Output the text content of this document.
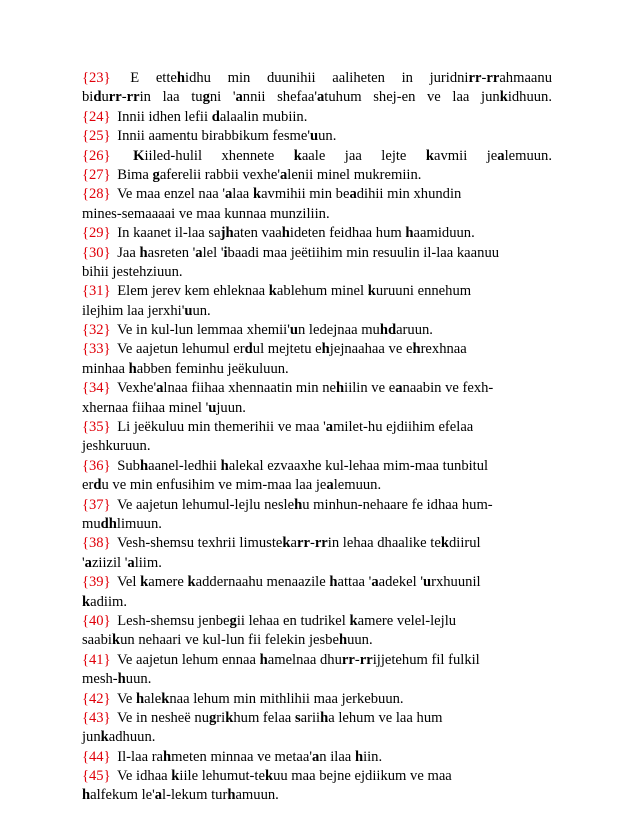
{23} E ettehidhu min duunihii aaliheten in juridnirr-rrahmaanu
bidurr-rrin laa tugni 'annii shefaa'atuhum shej-en ve laa junkidhuun.
{24} Innii idhen lefii dalaalin mubiin.
{25} Innii aamentu birabbikum fesme'uun.
{26} Kiiled-hulil xhennete kaale jaa lejte kavmii jealemuun.
{27} Bima gaferelii rabbii vexhe'alenii minel mukremiin.
{28} Ve maa enzel naa 'alaa kavmihii min beadihii min xhundin
mines-semaaaai ve maa kunnaa munziliin.
{29} In kaanet il-laa sajhaten vaahideten feidhaa hum haamiduun.
{30} Jaa hasreten 'alel 'ibaadi maa jeëtiihim min resuulin il-laa kaanuu
bihii jestehziuun.
{31} Elem jerev kem ehleknaa kablehum minel kuruuni ennehum
ilejhim laa jerxhi'uun.
{32} Ve in kul-lun lemmaa xhemii'un ledejnaa muhdaruun.
{33} Ve aajetun lehumul erdul mejtetu ehjejnaahaa ve ehrexhnaa
minhaa habben feminhu jeëkuluun.
{34} Vexhe'alnaa fiihaa xhennaatin min nehiilin ve eanaabin ve fexh-
xhernaa fiihaa minel 'ujuun.
{35} Li jeëkuluu min themerihii ve maa 'amilet-hu ejdiihim efelaa
jeshkuruun.
{36} Subhaanel-ledhii halekal ezvaaxhe kul-lehaa mim-maa tunbitul
erdu ve min enfusihim ve mim-maa laa jealemuun.
{37} Ve aajetun lehumul-lejlu neslehu minhun-nehaare fe idhaa hum-
mudhlimuun.
{38} Vesh-shemsu texhrii limustekarr-rrin lehaa dhaalike tekdiirul
'aziizil 'aliim.
{39} Vel kamere kaddernaahu menaazile hattaa 'aadekel 'urxhuunil
kadiim.
{40} Lesh-shemsu jenbegii lehaa en tudrikel kamere velel-lejlu
saabikun nehaari ve kul-lun fii felekin jesbehuun.
{41} Ve aajetun lehum ennaa hamelnaa dhurr-rrijjetehum fil fulkil
mesh-huun.
{42} Ve haleknaa lehum min mithlihii maa jerkebuun.
{43} Ve in nesheë nugrikhum felaa sariiha lehum ve laa hum
junkadhuun.
{44} Il-laa rahmeten minnaa ve metaa'an ilaa hiin.
{45} Ve idhaa kiile lehumut-tekuu maa bejne ejdiikum ve maa
halfekum le'al-lekum turhamuun.
